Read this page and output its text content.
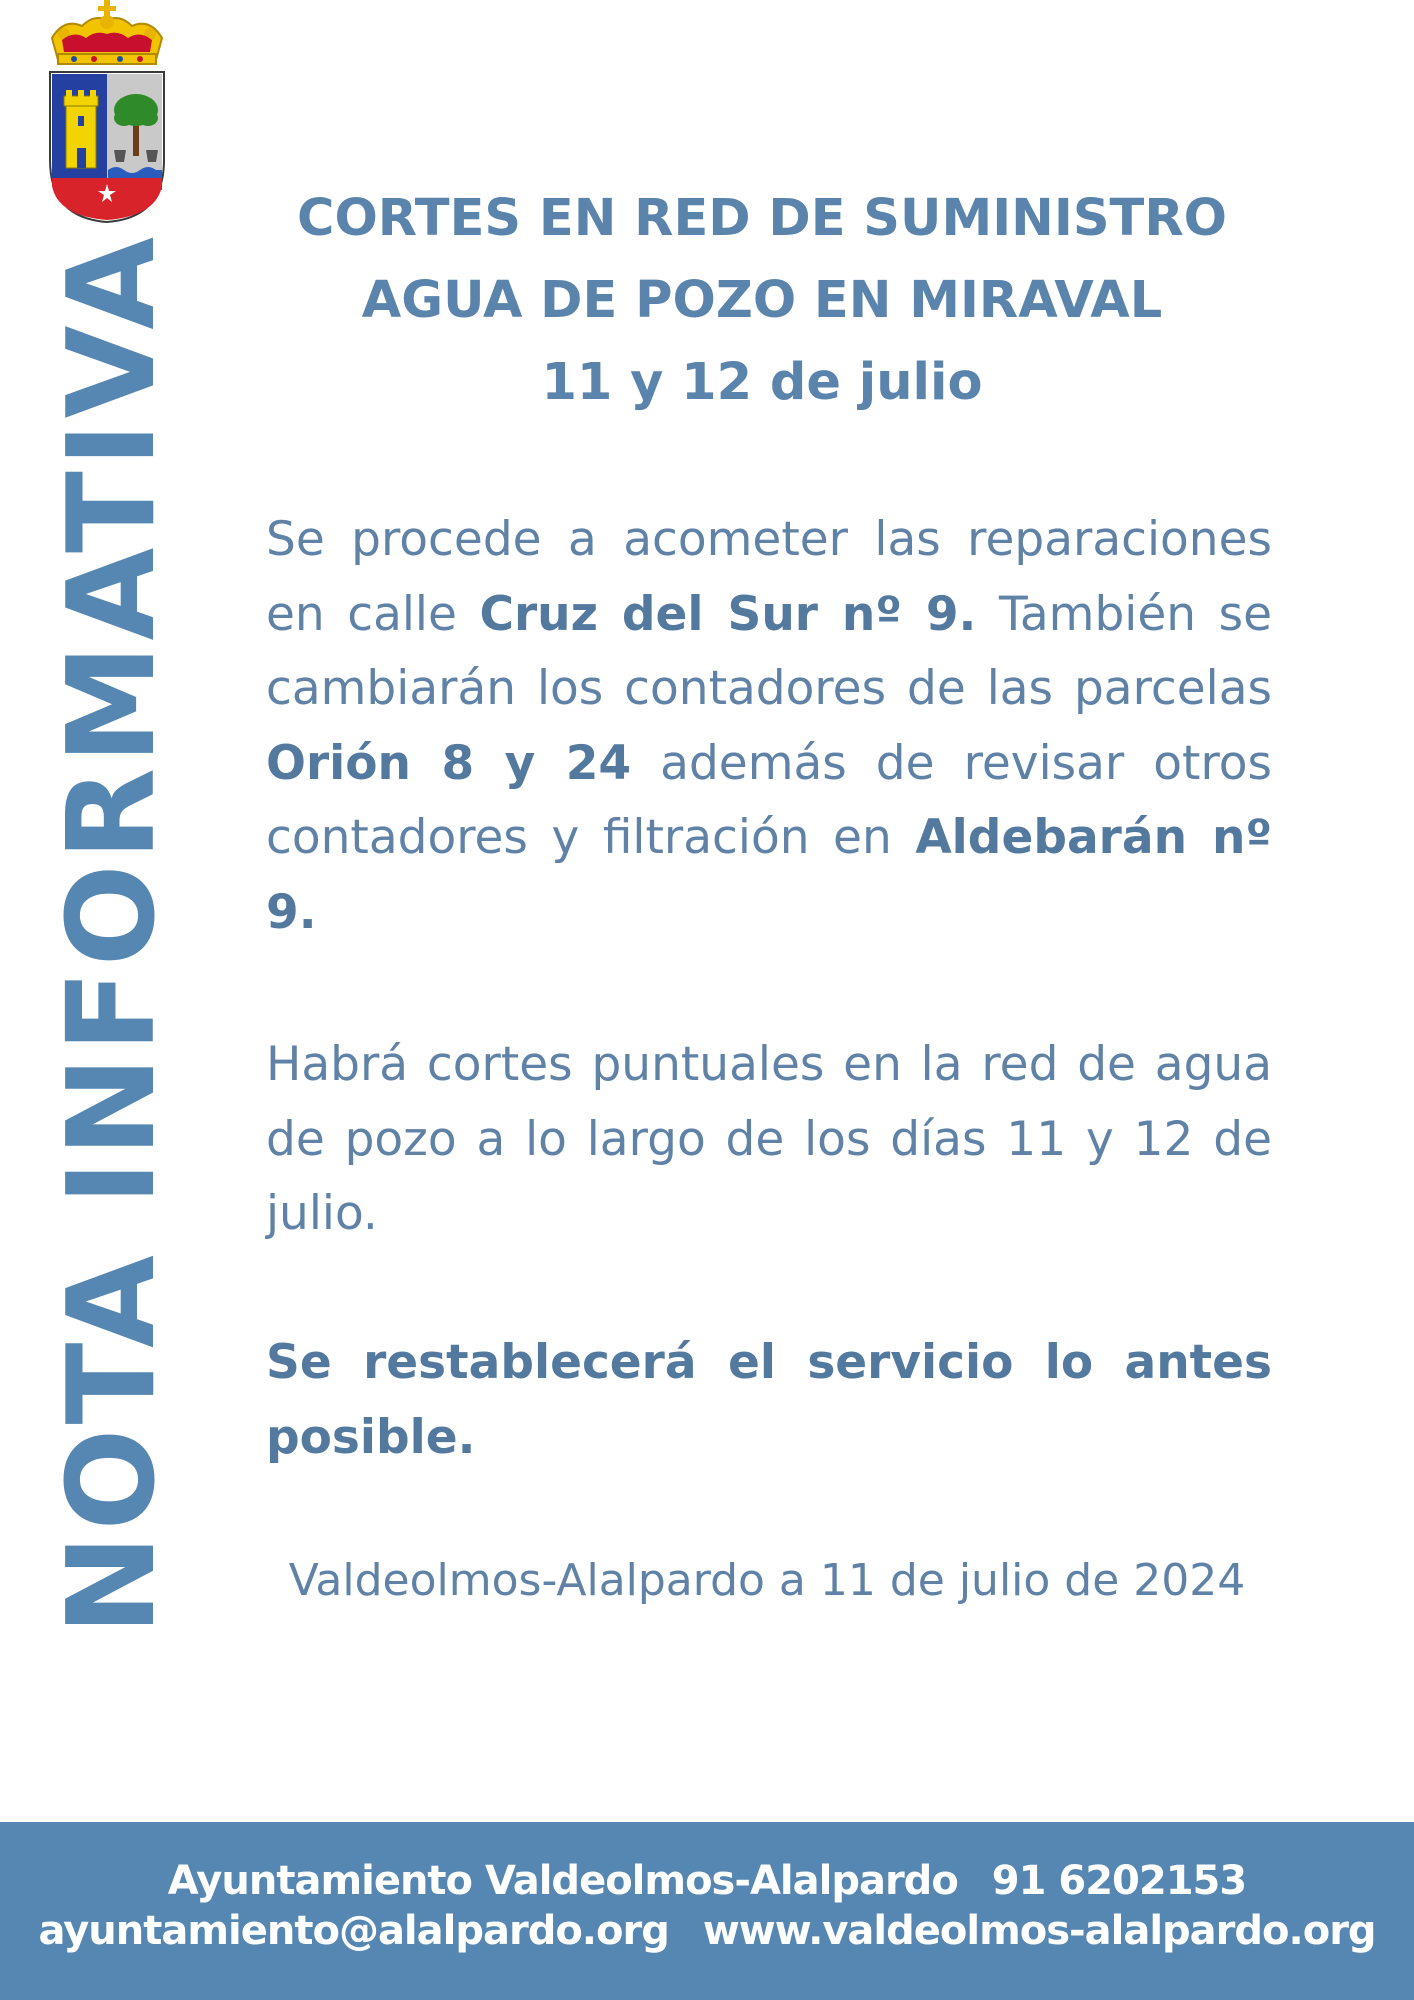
NOTA INFORMATIVA
CORTES EN RED DE SUMINISTRO
AGUA DE POZO EN MIRAVAL
11 y 12 de julio
Se procede a acometer las reparaciones en calle Cruz del Sur nº 9. También se cambiarán los contadores de las parcelas Orión 8 y 24 además de revisar otros contadores y filtración en Aldebarán nº 9.
Habrá cortes puntuales en la red de agua de pozo a lo largo de los días 11 y 12 de julio.
Se restablecerá el servicio lo antes posible.
Valdeolmos-Alalpardo a 11 de julio de 2024
Ayuntamiento Valdeolmos-Alalpardo 91 6202153
ayuntamiento@alalpardo.org www.valdeolmos-alalpardo.org
